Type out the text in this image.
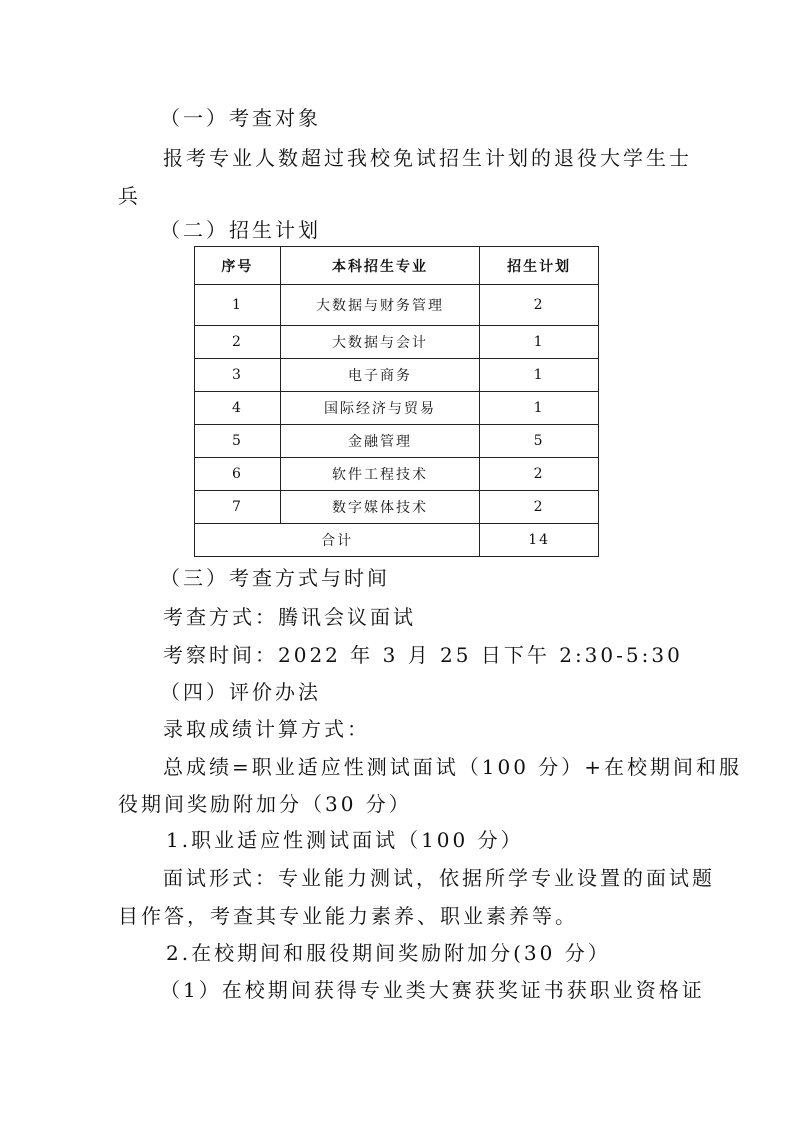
（一）考查对象
报考专业人数超过我校免试招生计划的退役大学生士
兵
（二）招生计划
序号	本科招生专业	招生计划
1	大数据与财务管理	2
2	大数据与会计	1
3	电子商务	1
4	国际经济与贸易	1
5	金融管理	5
6	软件工程技术	2
7	数字媒体技术	2
合计		14
（三）考查方式与时间
考查方式：腾讯会议面试
考察时间：2022 年 3 月 25 日下午 2:30-5:30
（四）评价办法
录取成绩计算方式：
总成绩=职业适应性测试面试（100 分）+在校期间和服
役期间奖励附加分（30 分）
1.职业适应性测试面试（100 分）
面试形式：专业能力测试，依据所学专业设置的面试题
目作答，考查其专业能力素养、职业素养等。
2.在校期间和服役期间奖励附加分(30 分）
（1）在校期间获得专业类大赛获奖证书获职业资格证
